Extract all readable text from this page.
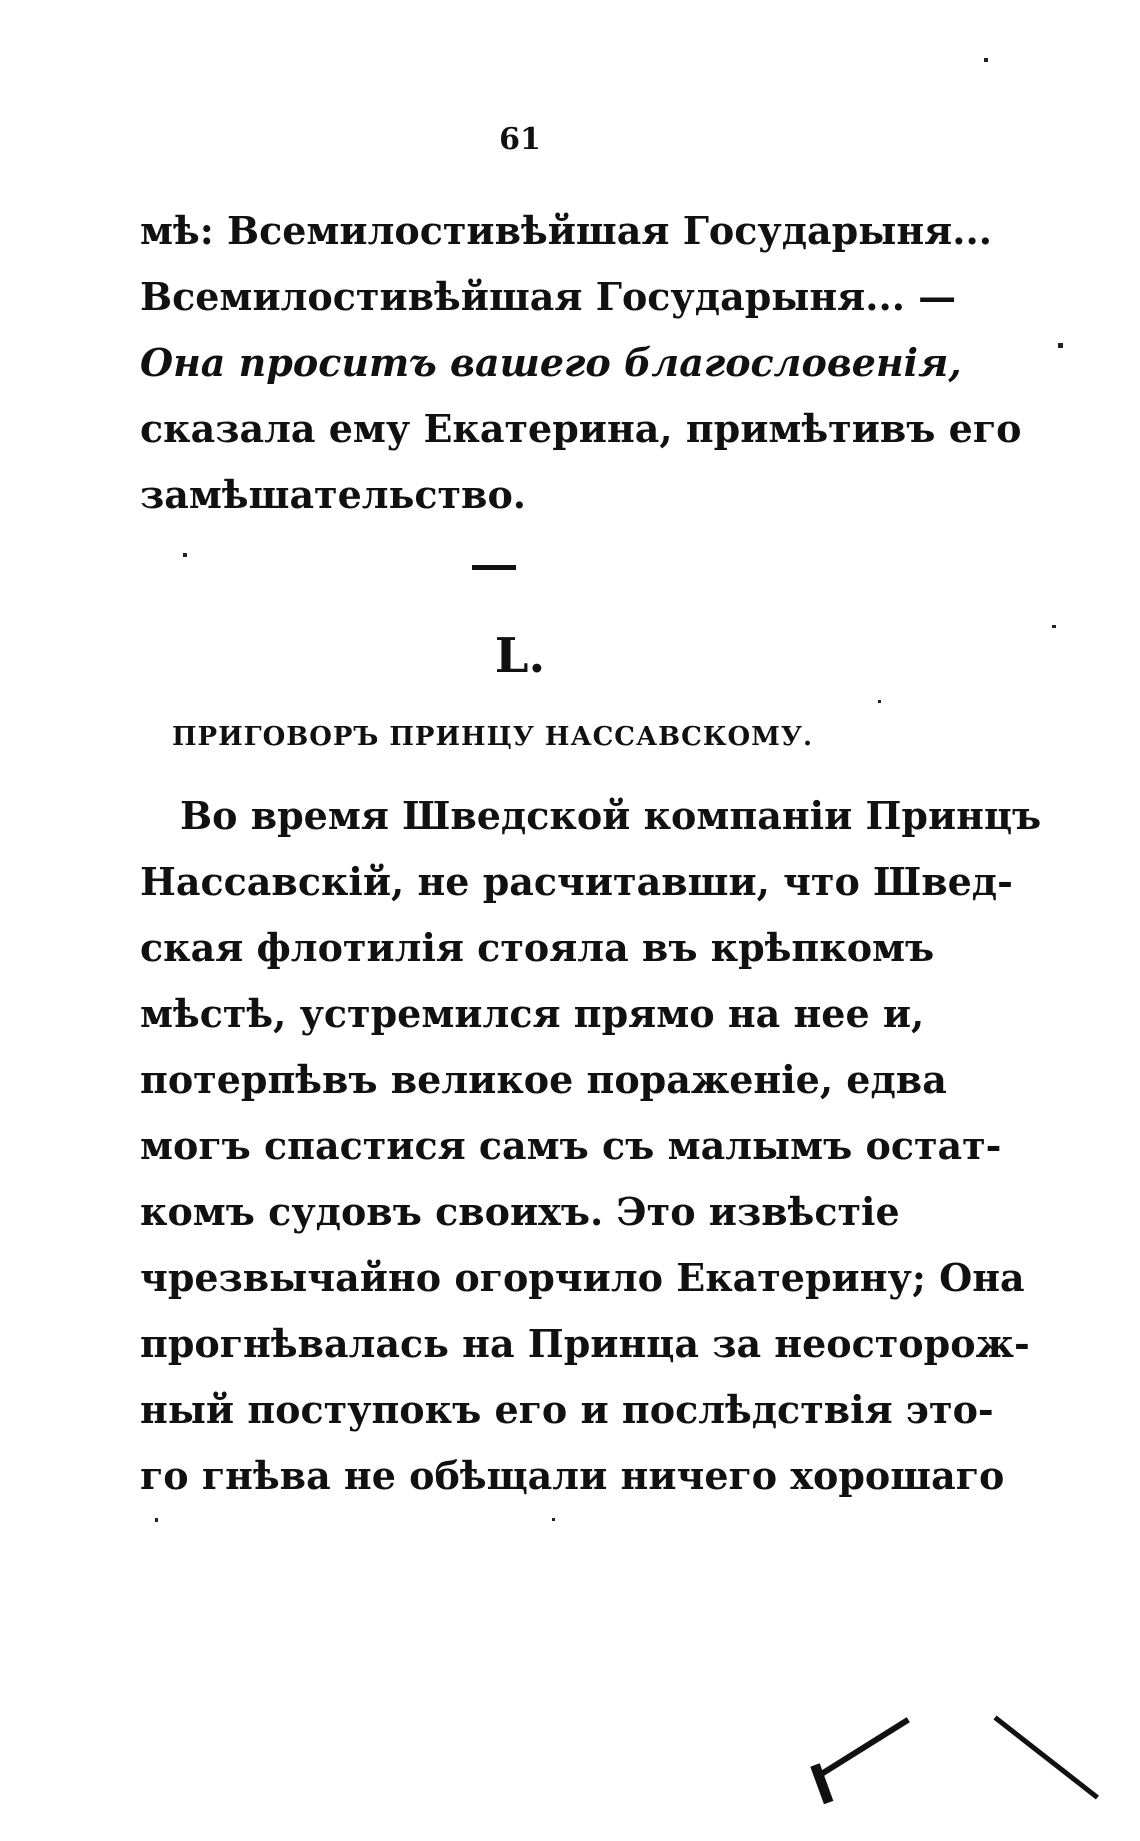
61
мѣ: Всемилостивѣйшая Государыня...
Всемилостивѣйшая Государыня... —
Она проситъ вашего благословенія,
сказала ему Екатерина, примѣтивъ его
замѣшательство.
L.
ПРИГОВОРЪ ПРИНЦУ НАССАВСКОМУ.
Во время Шведской компаніи Принцъ
Нассавскій, не расчитавши, что Швед-
ская флотилія стояла въ крѣпкомъ
мѣстѣ, устремился прямо на нее и,
потерпѣвъ великое пораженіе, едва
могъ спастися самъ съ малымъ остат-
комъ судовъ своихъ. Это извѣстіе
чрезвычайно огорчило Екатерину; Она
прогнѣвалась на Принца за неосторож-
ный поступокъ его и послѣдствія это-
го гнѣва не обѣщали ничего хорошаго
